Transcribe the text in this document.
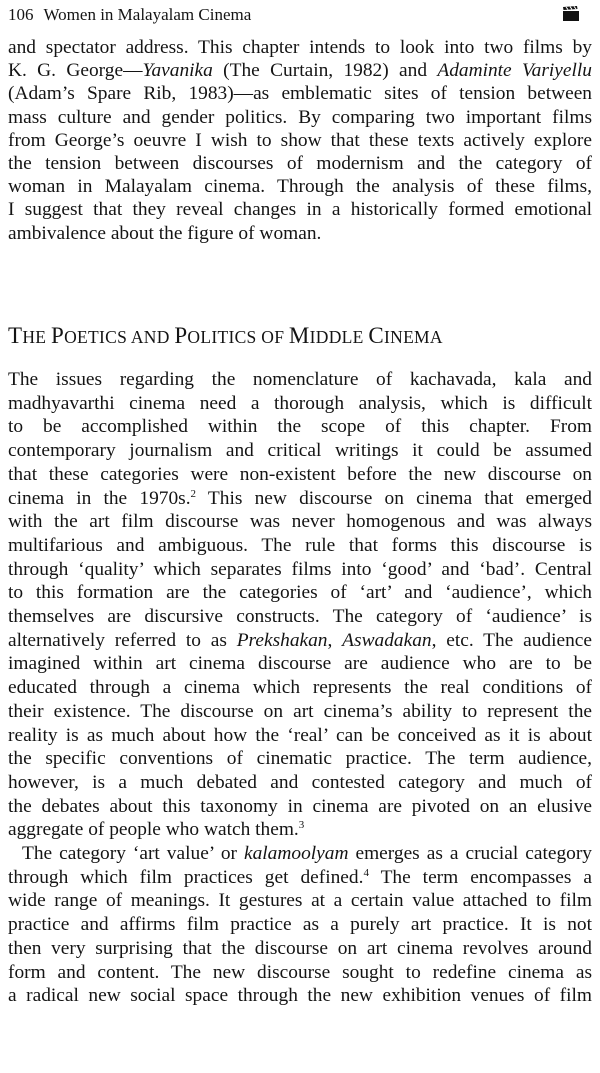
106 Women in Malayalam Cinema
and spectator address. This chapter intends to look into two films by
K. G. George—Yavanika (The Curtain, 1982) and Adaminte Variyellu
(Adam’s Spare Rib, 1983)—as emblematic sites of tension between
mass culture and gender politics. By comparing two important films
from George’s oeuvre I wish to show that these texts actively explore
the tension between discourses of modernism and the category of
woman in Malayalam cinema. Through the analysis of these films,
I suggest that they reveal changes in a historically formed emotional
ambivalence about the figure of woman.
THE POETICS AND POLITICS OF MIDDLE CINEMA
The issues regarding the nomenclature of kachavada, kala and
madhyavarthi cinema need a thorough analysis, which is difficult
to be accomplished within the scope of this chapter. From
contemporary journalism and critical writings it could be assumed
that these categories were non-existent before the new discourse on
cinema in the 1970s.$^2$ This new discourse on cinema that emerged
with the art film discourse was never homogenous and was always
multifarious and ambiguous. The rule that forms this discourse is
through ‘quality’ which separates films into ‘good’ and ‘bad’. Central
to this formation are the categories of ‘art’ and ‘audience’, which
themselves are discursive constructs. The category of ‘audience’ is
alternatively referred to as Prekshakan, Aswadakan, etc. The audience
imagined within art cinema discourse are audience who are to be
educated through a cinema which represents the real conditions of
their existence. The discourse on art cinema’s ability to represent the
reality is as much about how the ‘real’ can be conceived as it is about
the specific conventions of cinematic practice. The term audience,
however, is a much debated and contested category and much of
the debates about this taxonomy in cinema are pivoted on an elusive
aggregate of people who watch them.$^3$
The category ‘art value’ or kalamoolyam emerges as a crucial category
through which film practices get defined.$^4$ The term encompasses a
wide range of meanings. It gestures at a certain value attached to film
practice and affirms film practice as a purely art practice. It is not
then very surprising that the discourse on art cinema revolves around
form and content. The new discourse sought to redefine cinema as
a radical new social space through the new exhibition venues of film
